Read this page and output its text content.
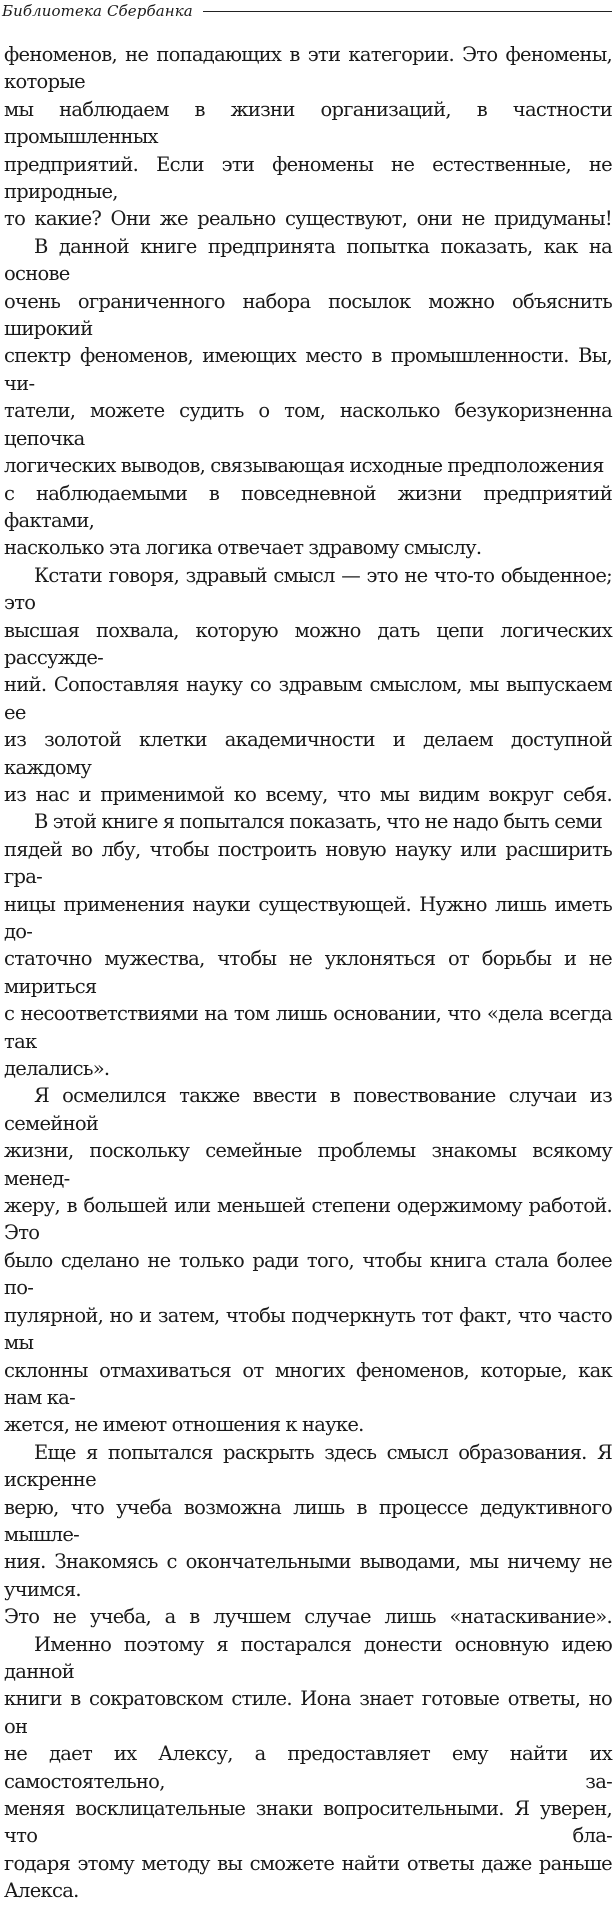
Библиотека Сбербанка

феноменов, не попадающих в эти категории. Это феномены, которые
мы наблюдаем в жизни организаций, в частности промышленных
предприятий. Если эти феномены не естественные, не природные,
то какие? Они же реально существуют, они не придуманы!

В данной книге предпринята попытка показать, как на основе
очень ограниченного набора посылок можно объяснить широкий
спектр феноменов, имеющих место в промышленности. Вы, чи-
татели, можете судить о том, насколько безукоризненна цепочка
логических выводов, связывающая исходные предположения
с наблюдаемыми в повседневной жизни предприятий фактами,
насколько эта логика отвечает здравому смыслу.

Кстати говоря, здравый смысл — это не что-то обыденное; это
высшая похвала, которую можно дать цепи логических рассужде-
ний. Сопоставляя науку со здравым смыслом, мы выпускаем ее
из золотой клетки академичности и делаем доступной каждому
из нас и применимой ко всему, что мы видим вокруг себя.

В этой книге я попытался показать, что не надо быть семи
пядей во лбу, чтобы построить новую науку или расширить гра-
ницы применения науки существующей. Нужно лишь иметь до-
статочно мужества, чтобы не уклоняться от борьбы и не мириться
с несоответствиями на том лишь основании, что «дела всегда так
делались».

Я осмелился также ввести в повествование случаи из семейной
жизни, поскольку семейные проблемы знакомы всякому менед-
жеру, в большей или меньшей степени одержимому работой. Это
было сделано не только ради того, чтобы книга стала более по-
пулярной, но и затем, чтобы подчеркнуть тот факт, что часто мы
склонны отмахиваться от многих феноменов, которые, как нам ка-
жется, не имеют отношения к науке.

Еще я попытался раскрыть здесь смысл образования. Я искренне
верю, что учеба возможна лишь в процессе дедуктивного мышле-
ния. Знакомясь с окончательными выводами, мы ничему не учимся.
Это не учеба, а в лучшем случае лишь «натаскивание».

Именно поэтому я постарался донести основную идею данной
книги в сократовском стиле. Иона знает готовые ответы, но он
не дает их Алексу, а предоставляет ему найти их самостоятельно, за-
меняя восклицательные знаки вопросительными. Я уверен, что бла-
годаря этому методу вы сможете найти ответы даже раньше Алекса.
